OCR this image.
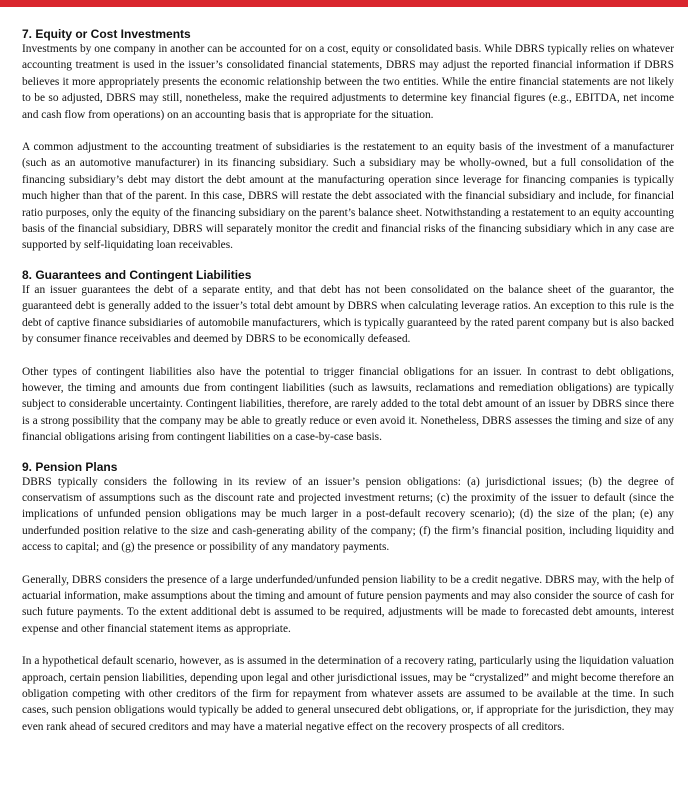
7. Equity or Cost Investments

Investments by one company in another can be accounted for on a cost, equity or consolidated basis. While DBRS typically relies on whatever accounting treatment is used in the issuer’s consolidated financial statements, DBRS may adjust the reported financial information if DBRS believes it more appropriately presents the economic relationship between the two entities. While the entire financial statements are not likely to be so adjusted, DBRS may still, nonetheless, make the required adjustments to determine key financial figures (e.g., EBITDA, net income and cash flow from operations) on an accounting basis that is appropriate for the situation.

A common adjustment to the accounting treatment of subsidiaries is the restatement to an equity basis of the investment of a manufacturer (such as an automotive manufacturer) in its financing subsidiary. Such a subsidiary may be wholly-owned, but a full consolidation of the financing subsidiary’s debt may distort the debt amount at the manufacturing operation since leverage for financing companies is typically much higher than that of the parent. In this case, DBRS will restate the debt associated with the financial subsidiary and include, for financial ratio purposes, only the equity of the financing subsidiary on the parent’s balance sheet. Notwithstanding a restatement to an equity accounting basis of the financial subsidiary, DBRS will separately monitor the credit and financial risks of the financing subsidiary which in any case are supported by self-liquidating loan receivables.

8. Guarantees and Contingent Liabilities

If an issuer guarantees the debt of a separate entity, and that debt has not been consolidated on the balance sheet of the guarantor, the guaranteed debt is generally added to the issuer’s total debt amount by DBRS when calculating leverage ratios. An exception to this rule is the debt of captive finance subsidiaries of automobile manufacturers, which is typically guaranteed by the rated parent company but is also backed by consumer finance receivables and deemed by DBRS to be economically defeased.

Other types of contingent liabilities also have the potential to trigger financial obligations for an issuer. In contrast to debt obligations, however, the timing and amounts due from contingent liabilities (such as lawsuits, reclamations and remediation obligations) are typically subject to considerable uncertainty. Contingent liabilities, therefore, are rarely added to the total debt amount of an issuer by DBRS since there is a strong possibility that the company may be able to greatly reduce or even avoid it. Nonetheless, DBRS assesses the timing and size of any financial obligations arising from contingent liabilities on a case-by-case basis.

9. Pension Plans

DBRS typically considers the following in its review of an issuer’s pension obligations: (a) jurisdictional issues; (b) the degree of conservatism of assumptions such as the discount rate and projected investment returns; (c) the proximity of the issuer to default (since the implications of unfunded pension obligations may be much larger in a post-default recovery scenario); (d) the size of the plan; (e) any underfunded position relative to the size and cash-generating ability of the company; (f) the firm’s financial position, including liquidity and access to capital; and (g) the presence or possibility of any mandatory payments.

Generally, DBRS considers the presence of a large underfunded/unfunded pension liability to be a credit negative. DBRS may, with the help of actuarial information, make assumptions about the timing and amount of future pension payments and may also consider the source of cash for such future payments. To the extent additional debt is assumed to be required, adjustments will be made to forecasted debt amounts, interest expense and other financial statement items as appropriate.

In a hypothetical default scenario, however, as is assumed in the determination of a recovery rating, particularly using the liquidation valuation approach, certain pension liabilities, depending upon legal and other jurisdictional issues, may be “crystalized” and might become therefore an obligation competing with other creditors of the firm for repayment from whatever assets are assumed to be available at the time. In such cases, such pension obligations would typically be added to general unsecured debt obligations, or, if appropriate for the jurisdiction, they may even rank ahead of secured creditors and may have a material negative effect on the recovery prospects of all creditors.
